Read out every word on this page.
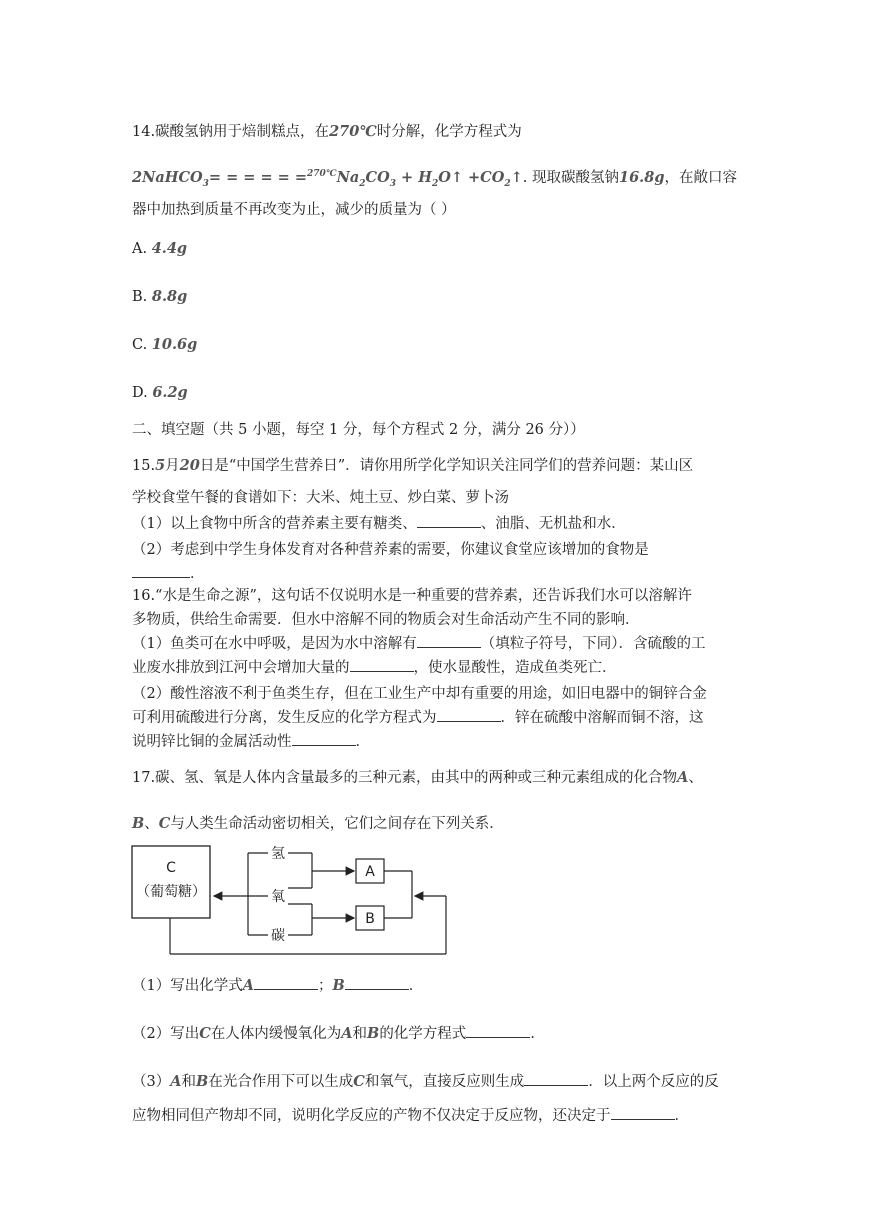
14.碳酸氢钠用于焙制糕点，在270℃时分解，化学方程式为
2NaHCO$_3$= = = = = $=^{270℃}Na_2CO_3$ + $H_2O↑$ $+CO_2↑$. 现取碳酸氢钠16.8g，在敞口容
器中加热到质量不再改变为止，减少的质量为（ ）
A. 4.4g
B. 8.8g
C. 10.6g
D. 6.2g
二、填空题（共 5 小题，每空 1 分，每个方程式 2 分，满分 26 分））
15.5月20日是“中国学生营养日”．请你用所学化学知识关注同学们的营养问题：某山区
学校食堂午餐的食谱如下：大米、炖土豆、炒白菜、萝卜汤
（1）以上食物中所含的营养素主要有糖类、	、油脂、无机盐和水．
（2）考虑到中学生身体发育对各种营养素的需要，你建议食堂应该增加的食物是
．
16.“水是生命之源”，这句话不仅说明水是一种重要的营养素，还告诉我们水可以溶解许
多物质，供给生命需要．但水中溶解不同的物质会对生命活动产生不同的影响．
（1）鱼类可在水中呼吸，是因为水中溶解有	（填粒子符号，下同）．含硫酸的工
业废水排放到江河中会增加大量的	，使水显酸性，造成鱼类死亡．
（2）酸性溶液不利于鱼类生存，但在工业生产中却有重要的用途，如旧电器中的铜锌合金
可利用硫酸进行分离，发生反应的化学方程式为	．锌在硫酸中溶解而铜不溶，这
说明锌比铜的金属活动性	．
17.碳、氢、氧是人体内含量最多的三种元素，由其中的两种或三种元素组成的化合物A、
B、C与人类生命活动密切相关，它们之间存在下列关系．
C
（葡萄糖）
氢
氧
碳
A
B
（1）写出化学式A	；B	．
（2）写出C在人体内缓慢氧化为A和B的化学方程式	．
（3）A和B在光合作用下可以生成C和氧气，直接反应则生成	．以上两个反应的反
应物相同但产物却不同，说明化学反应的产物不仅决定于反应物，还决定于	．
